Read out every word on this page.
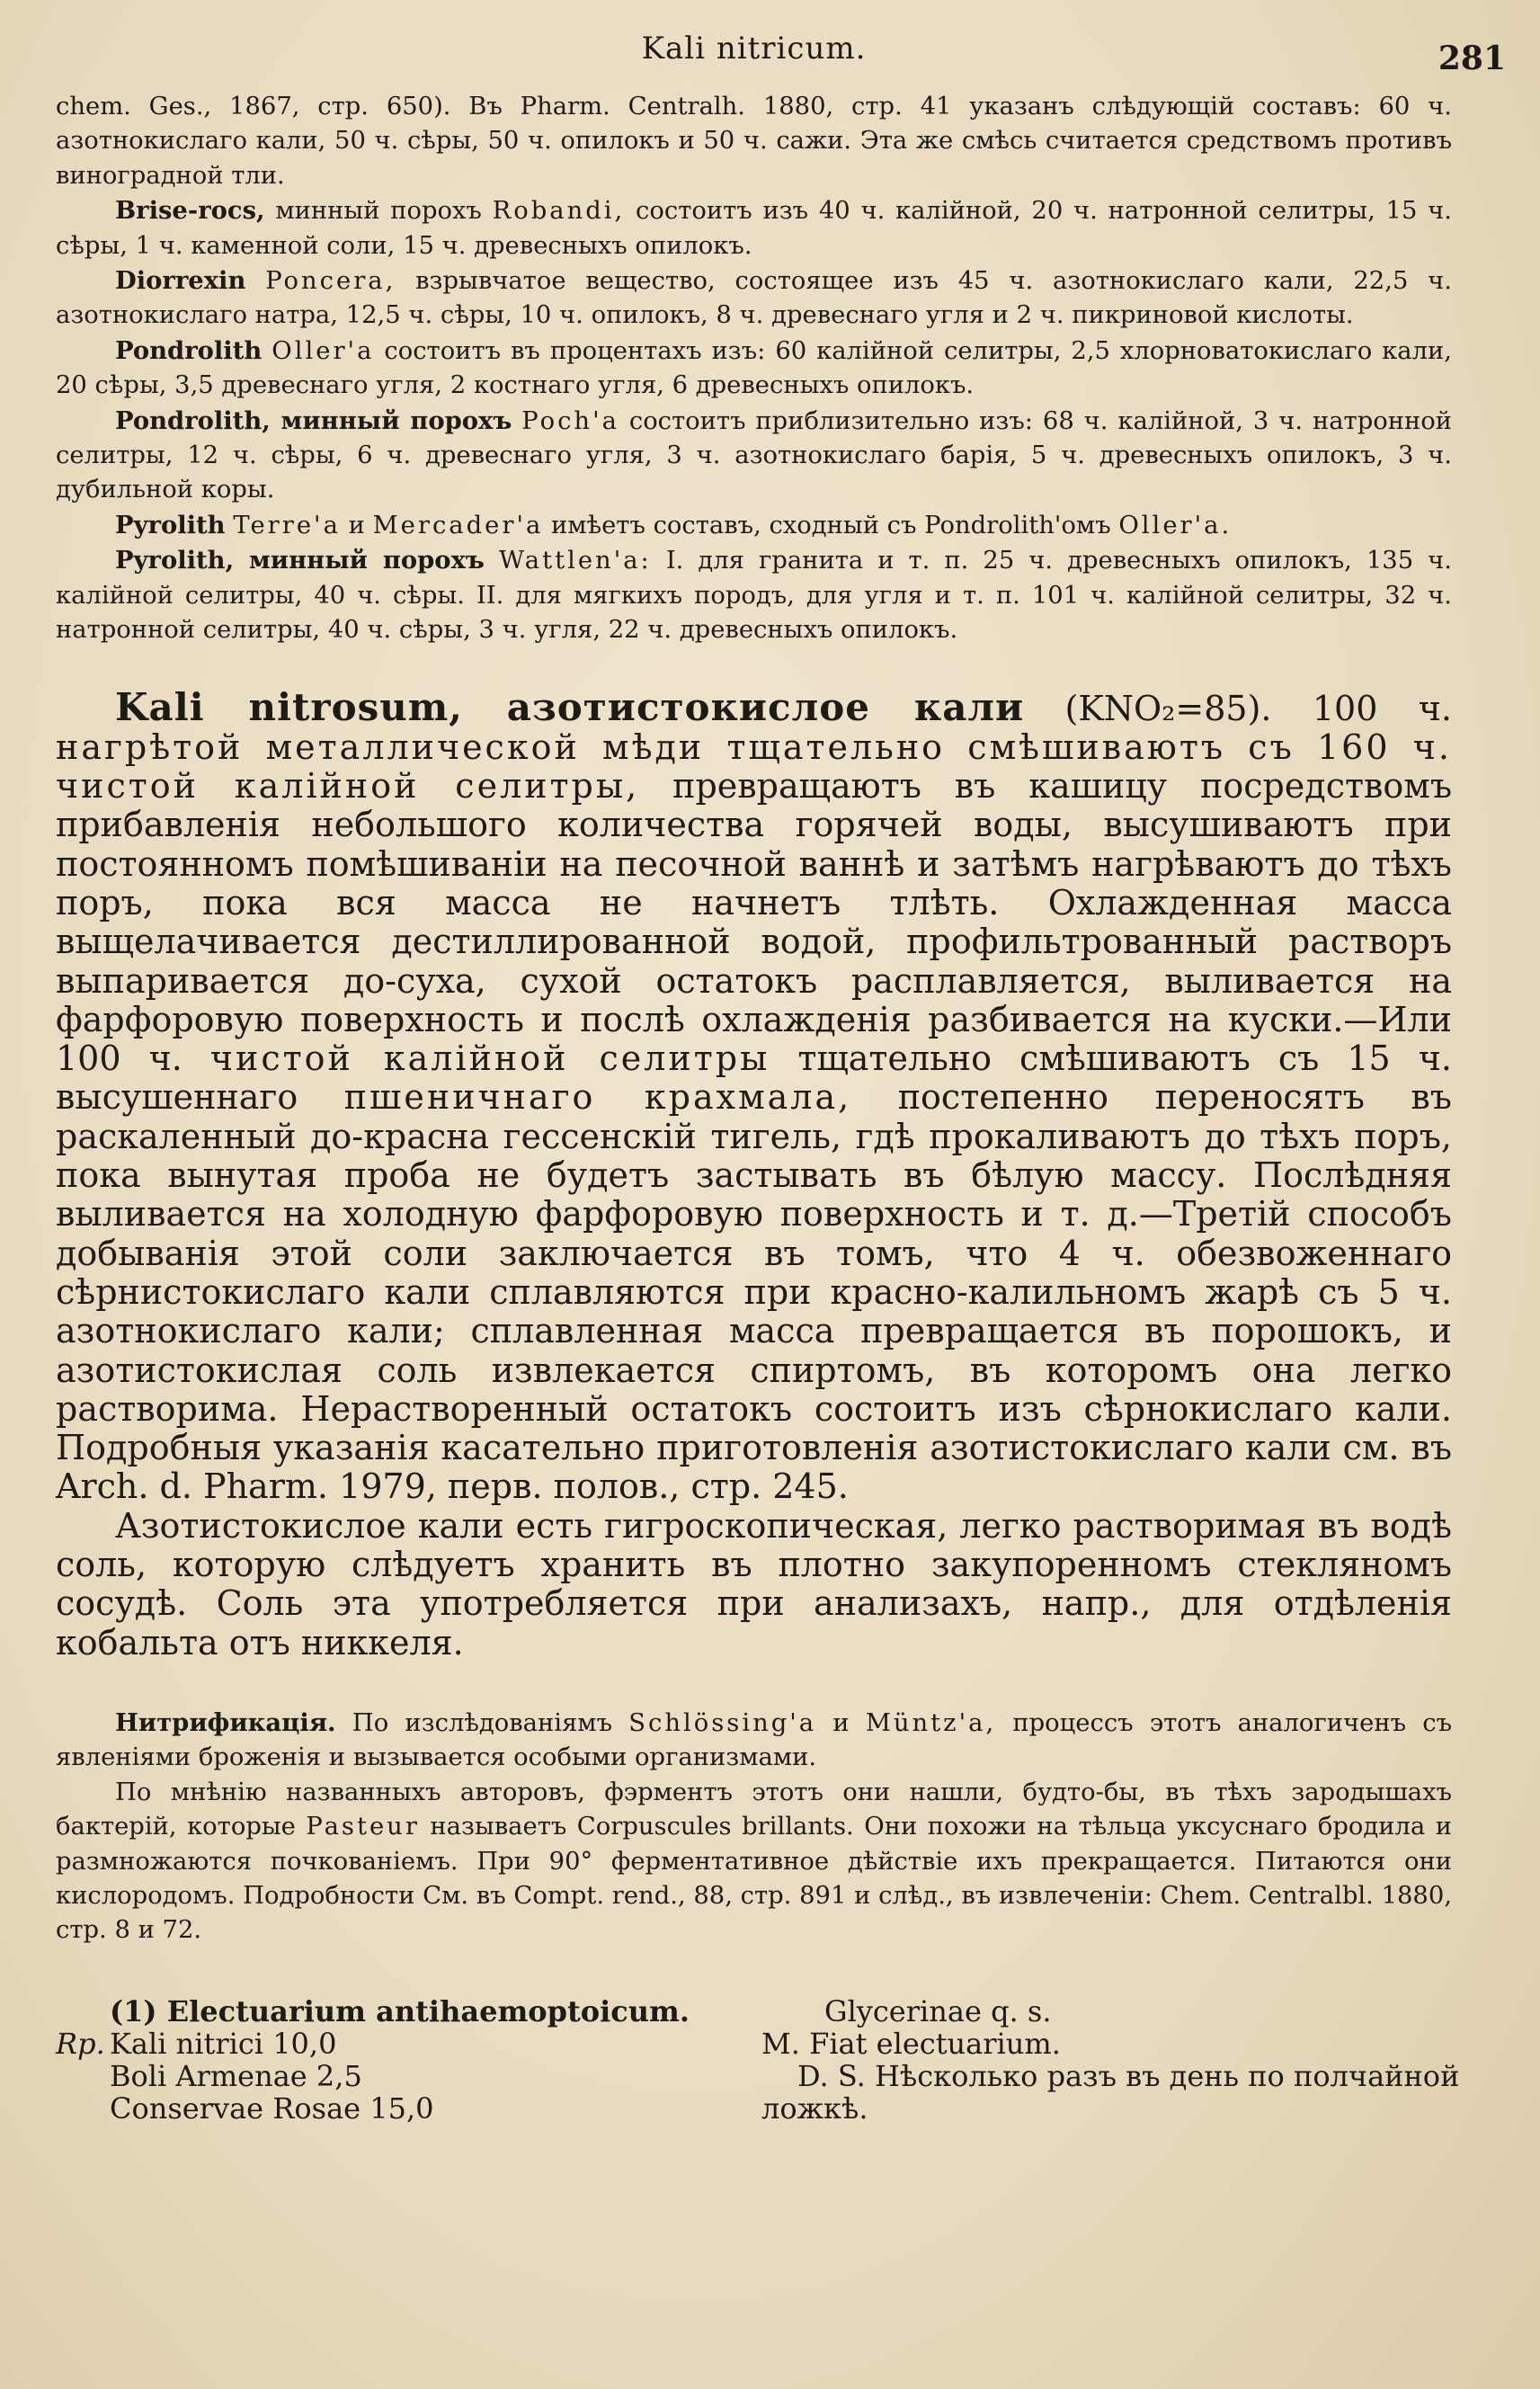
Kali nitricum.	281

chem. Ges., 1867, стр. 650). Въ Pharm. Centralh. 1880, стр. 41 указанъ слѣдующій составъ: 60 ч. азотнокислаго кали, 50 ч. сѣры, 50 ч. опилокъ и 50 ч. сажи. Эта же смѣсь считается средствомъ противъ виноградной тли.

Brise-rocs, минный порохъ Robandi, состоитъ изъ 40 ч. калійной, 20 ч. натронной селитры, 15 ч. сѣры, 1 ч. каменной соли, 15 ч. древесныхъ опилокъ.

Diorrexin Poncera, взрывчатое вещество, состоящее изъ 45 ч. азотнокислаго кали, 22,5 ч. азотнокислаго натра, 12,5 ч. сѣры, 10 ч. опилокъ, 8 ч. древеснаго угля и 2 ч. пикриновой кислоты.

Pondrolith Oller'a состоитъ въ процентахъ изъ: 60 калійной селитры, 2,5 хлорноватокислаго кали, 20 сѣры, 3,5 древеснаго угля, 2 костнаго угля, 6 древесныхъ опилокъ.

Pondrolith, минный порохъ Poch'a состоитъ приблизительно изъ: 68 ч. калійной, 3 ч. натронной селитры, 12 ч. сѣры, 6 ч. древеснаго угля, 3 ч. азотнокислаго барія, 5 ч. древесныхъ опилокъ, 3 ч. дубильной коры.

Pyrolith Terre'a и Mercader'a имѣетъ составъ, сходный съ Pondrolith'омъ Oller'a.

Pyrolith, минный порохъ Wattlen'a: I. для гранита и т. п. 25 ч. древесныхъ опилокъ, 135 ч. калійной селитры, 40 ч. сѣры. II. для мягкихъ породъ, для угля и т. п. 101 ч. калійной селитры, 32 ч. натронной селитры, 40 ч. сѣры, 3 ч. угля, 22 ч. древесныхъ опилокъ.

Kali nitrosum, азотистокислое кали (KNO₂=85). 100 ч. нагрѣтой металлической мѣди тщательно смѣшиваютъ съ 160 ч. чистой калійной селитры, превращаютъ въ кашицу посредствомъ прибавленія небольшого количества горячей воды, высушиваютъ при постоянномъ помѣшиваніи на песочной ваннѣ и затѣмъ нагрѣваютъ до тѣхъ поръ, пока вся масса не начнетъ тлѣть. Охлажденная масса выщелачивается дестиллированной водой, профильтрованный растворъ выпаривается до-суха, сухой остатокъ расплавляется, выливается на фарфоровую поверхность и послѣ охлажденія разбивается на куски.—Или 100 ч. чистой калійной селитры тщательно смѣшиваютъ съ 15 ч. высушеннаго пшеничнаго крахмала, постепенно переносятъ въ раскаленный до-красна гессенскій тигель, гдѣ прокаливаютъ до тѣхъ поръ, пока вынутая проба не будетъ застывать въ бѣлую массу. Послѣдняя выливается на холодную фарфоровую поверхность и т. д.—Третій способъ добыванія этой соли заключается въ томъ, что 4 ч. обезвоженнаго сѣрнистокислаго кали сплавляются при красно-калильномъ жарѣ съ 5 ч. азотнокислаго кали; сплавленная масса превращается въ порошокъ, и азотистокислая соль извлекается спиртомъ, въ которомъ она легко растворима. Нерастворенный остатокъ состоитъ изъ сѣрнокислаго кали. Подробныя указанія касательно приготовленія азотистокислаго кали см. въ Arch. d. Pharm. 1979, перв. полов., стр. 245.

Азотистокислое кали есть гигроскопическая, легко растворимая въ водѣ соль, которую слѣдуетъ хранить въ плотно закупоренномъ стекляномъ сосудѣ. Соль эта употребляется при анализахъ, напр., для отдѣленія кобальта отъ никкеля.

Нитрификація. По изслѣдованіямъ Schlössing'a и Müntz'a, процессъ этотъ аналогиченъ съ явленіями броженія и вызывается особыми организмами.

По мнѣнію названныхъ авторовъ, фэрментъ этотъ они нашли, будто-бы, въ тѣхъ зародышахъ бактерій, которые Pasteur называетъ Corpuscules brillants. Они похожи на тѣльца уксуснаго бродила и размножаются почкованіемъ. При 90° ферментативное дѣйствіе ихъ прекращается. Питаются они кислородомъ. Подробности См. въ Compt. rend., 88, стр. 891 и слѣд., въ извлеченіи: Chem. Centralbl. 1880, стр. 8 и 72.

(1) Electuarium antihaemoptoicum.
Rp. Kali nitrici 10,0
Boli Armenae 2,5
Conservae Rosae 15,0
Glycerinae q. s.
M. Fiat electuarium.
D. S. Нѣсколько разъ въ день по полчайной ложкѣ.
